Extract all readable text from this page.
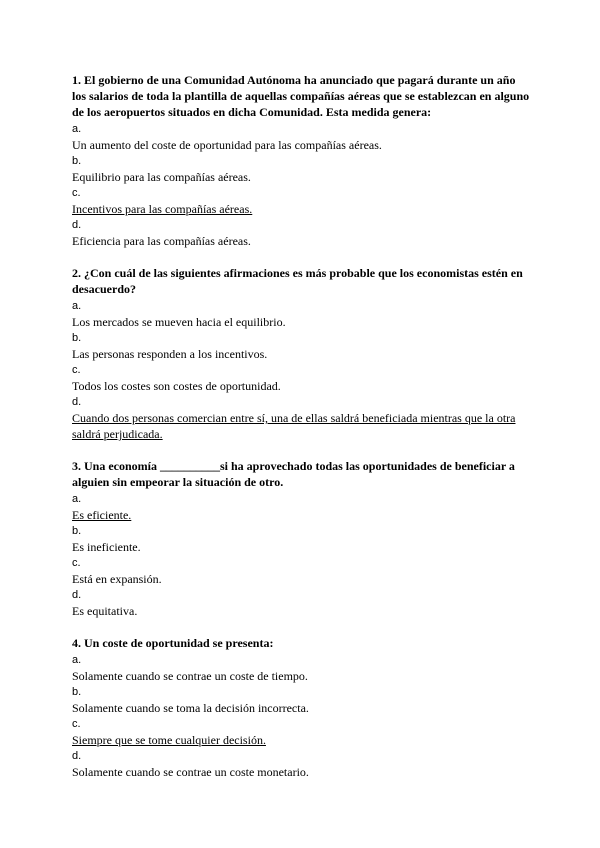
1. El gobierno de una Comunidad Autónoma ha anunciado que pagará durante un año los salarios de toda la plantilla de aquellas compañías aéreas que se establezcan en alguno de los aeropuertos situados en dicha Comunidad. Esta medida genera:
a.
Un aumento del coste de oportunidad para las compañías aéreas.
b.
Equilibrio para las compañías aéreas.
c.
Incentivos para las compañías aéreas.
d.
Eficiencia para las compañías aéreas.
2. ¿Con cuál de las siguientes afirmaciones es más probable que los economistas estén en desacuerdo?
a.
Los mercados se mueven hacia el equilibrio.
b.
Las personas responden a los incentivos.
c.
Todos los costes son costes de oportunidad.
d.
Cuando dos personas comercian entre sí, una de ellas saldrá beneficiada mientras que la otra saldrá perjudicada.
3. Una economía __________si ha aprovechado todas las oportunidades de beneficiar a alguien sin empeorar la situación de otro.
a.
Es eficiente.
b.
Es ineficiente.
c.
Está en expansión.
d.
Es equitativa.
4. Un coste de oportunidad se presenta:
a.
Solamente cuando se contrae un coste de tiempo.
b.
Solamente cuando se toma la decisión incorrecta.
c.
Siempre que se tome cualquier decisión.
d.
Solamente cuando se contrae un coste monetario.
